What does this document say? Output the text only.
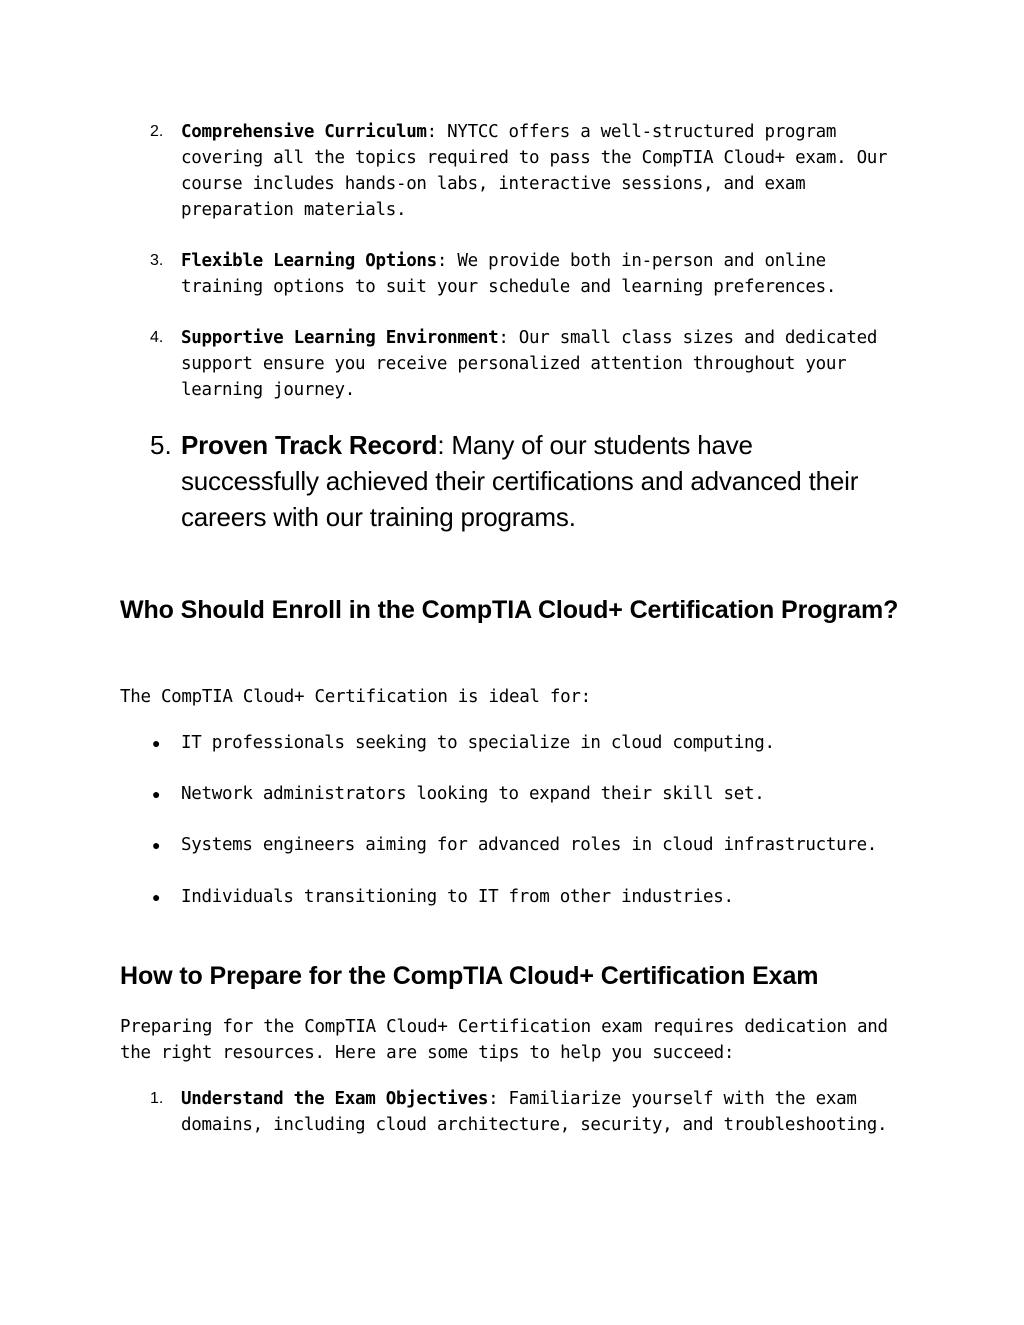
2. Comprehensive Curriculum: NYTCC offers a well-structured program covering all the topics required to pass the CompTIA Cloud+ exam. Our course includes hands-on labs, interactive sessions, and exam preparation materials.
3. Flexible Learning Options: We provide both in-person and online training options to suit your schedule and learning preferences.
4. Supportive Learning Environment: Our small class sizes and dedicated support ensure you receive personalized attention throughout your learning journey.
5. Proven Track Record: Many of our students have successfully achieved their certifications and advanced their careers with our training programs.
Who Should Enroll in the CompTIA Cloud+ Certification Program?
The CompTIA Cloud+ Certification is ideal for:
● IT professionals seeking to specialize in cloud computing.
● Network administrators looking to expand their skill set.
● Systems engineers aiming for advanced roles in cloud infrastructure.
● Individuals transitioning to IT from other industries.
How to Prepare for the CompTIA Cloud+ Certification Exam
Preparing for the CompTIA Cloud+ Certification exam requires dedication and the right resources. Here are some tips to help you succeed:
1. Understand the Exam Objectives: Familiarize yourself with the exam domains, including cloud architecture, security, and troubleshooting.
